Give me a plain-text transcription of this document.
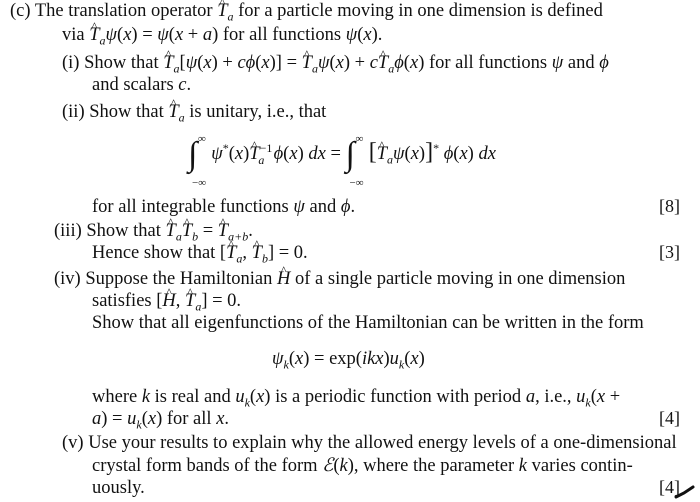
(c) The translation operator ^ $T_a$ for a particle moving in one dimension is defined
via ^ $T_a\psi(x) = \psi(x + a)$ for all functions ψ(x).
(i) Show that ^ $T_a[\psi(x) + c\phi(x)]$ = ^ $T_a\psi(x)$ + c^ $T_a\phi(x)$ for all functions ψ and ϕ
and scalars c.
(ii) Show that ^ $T_a$ is unitary, i.e., that
∫ ∞
−∞
ψ*(x)^ $T^{-1}_a$ ϕ(x) dx = ∫ ∞
−∞
[^ $T_a\psi(x)]^*$ ϕ(x) dx
for all integrable functions ψ and ϕ.	[8]
(iii) Show that ^ $T_a\^{}$ $T_b$ = ^ $T_{a+b}$.
Hence show that [^ $T_a$, ^ $T_b] = 0$.	[3]
(iv) Suppose the Hamiltonian ^ H of a single particle moving in one dimension
satisfies [^ H, ^ $T_a] = 0$.
Show that all eigenfunctions of the Hamiltonian can be written in the form
$\psi_k(x) = \exp(ikx)u_k(x)$
where k is real and $u_k(x)$ is a periodic function with period a, i.e., $u_k(x$ +
$a) = u_k(x)$ for all x.	[4]
(v) Use your results to explain why the allowed energy levels of a one-dimensional
crystal form bands of the form ℰ(k), where the parameter k varies contin-
uously.	[4]
